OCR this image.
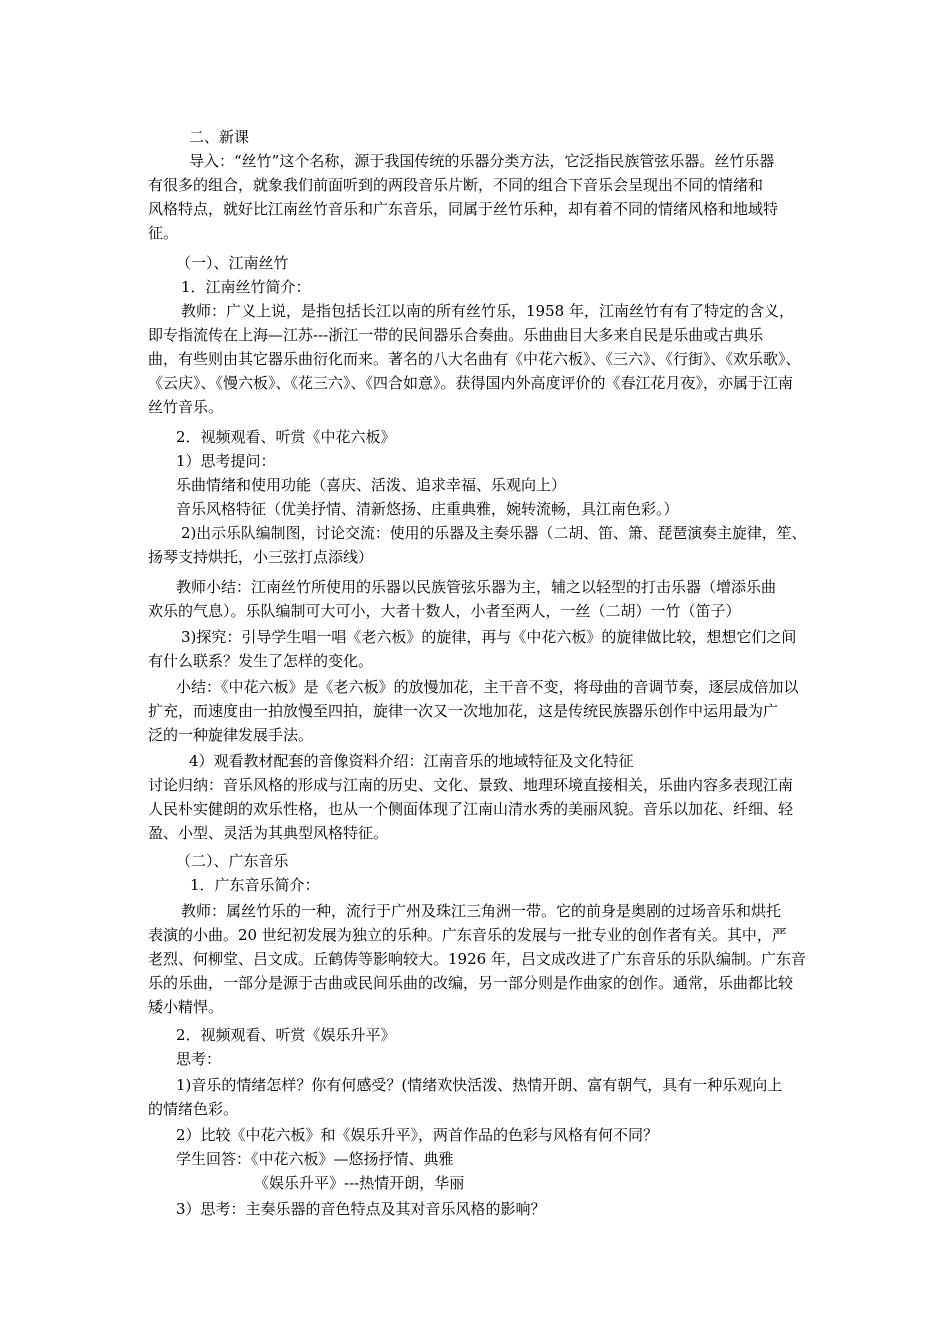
二、新课
导入：“丝竹”这个名称，源于我国传统的乐器分类方法，它泛指民族管弦乐器。丝竹乐器
有很多的组合，就象我们前面听到的两段音乐片断，不同的组合下音乐会呈现出不同的情绪和
风格特点，就好比江南丝竹音乐和广东音乐，同属于丝竹乐种，却有着不同的情绪风格和地域特
征。
（一）、江南丝竹
1．江南丝竹简介：
教师：广义上说，是指包括长江以南的所有丝竹乐，1958 年，江南丝竹有有了特定的含义，
即专指流传在上海—江苏---浙江一带的民间器乐合奏曲。乐曲曲目大多来自民是乐曲或古典乐
曲，有些则由其它器乐曲衍化而来。著名的八大名曲有《中花六板》、《三六》、《行街》、《欢乐歌》、
《云庆》、《慢六板》、《花三六》、《四合如意》。获得国内外高度评价的《春江花月夜》，亦属于江南
丝竹音乐。
2．视频观看、听赏《中花六板》
1）思考提问：
乐曲情绪和使用功能（喜庆、活泼、追求幸福、乐观向上）
音乐风格特征（优美抒情、清新悠扬、庄重典雅，婉转流畅，具江南色彩。）
2)出示乐队编制图，讨论交流：使用的乐器及主奏乐器（二胡、笛、箫、琵琶演奏主旋律，笙、
扬琴支持烘托，小三弦打点添线）
教师小结：江南丝竹所使用的乐器以民族管弦乐器为主，辅之以轻型的打击乐器（增添乐曲
欢乐的气息）。乐队编制可大可小，大者十数人，小者至两人，一丝（二胡）一竹（笛子）
3)探究：引导学生唱一唱《老六板》的旋律，再与《中花六板》的旋律做比较，想想它们之间
有什么联系？发生了怎样的变化。
小结：《中花六板》是《老六板》的放慢加花，主干音不变，将母曲的音调节奏，逐层成倍加以
扩充，而速度由一拍放慢至四拍，旋律一次又一次地加花，这是传统民族器乐创作中运用最为广
泛的一种旋律发展手法。
4）观看教材配套的音像资料介绍：江南音乐的地域特征及文化特征
讨论归纳：音乐风格的形成与江南的历史、文化、景致、地理环境直接相关，乐曲内容多表现江南
人民朴实健朗的欢乐性格，也从一个侧面体现了江南山清水秀的美丽风貌。音乐以加花、纤细、轻
盈、小型、灵活为其典型风格特征。
（二）、广东音乐
1．广东音乐简介：
教师：属丝竹乐的一种，流行于广州及珠江三角洲一带。它的前身是奥剧的过场音乐和烘托
表演的小曲。20 世纪初发展为独立的乐种。广东音乐的发展与一批专业的创作者有关。其中，严
老烈、何柳堂、吕文成。丘鹤俦等影响较大。1926 年，吕文成改进了广东音乐的乐队编制。广东音
乐的乐曲，一部分是源于古曲或民间乐曲的改编，另一部分则是作曲家的创作。通常，乐曲都比较
矮小精悍。
2．视频观看、听赏《娱乐升平》
思考：
1)音乐的情绪怎样？你有何感受？(情绪欢快活泼、热情开朗、富有朝气，具有一种乐观向上
的情绪色彩。
2）比较《中花六板》和《娱乐升平》，两首作品的色彩与风格有何不同？
学生回答：《中花六板》—悠扬抒情、典雅
《娱乐升平》---热情开朗，华丽
3）思考：主奏乐器的音色特点及其对音乐风格的影响？
